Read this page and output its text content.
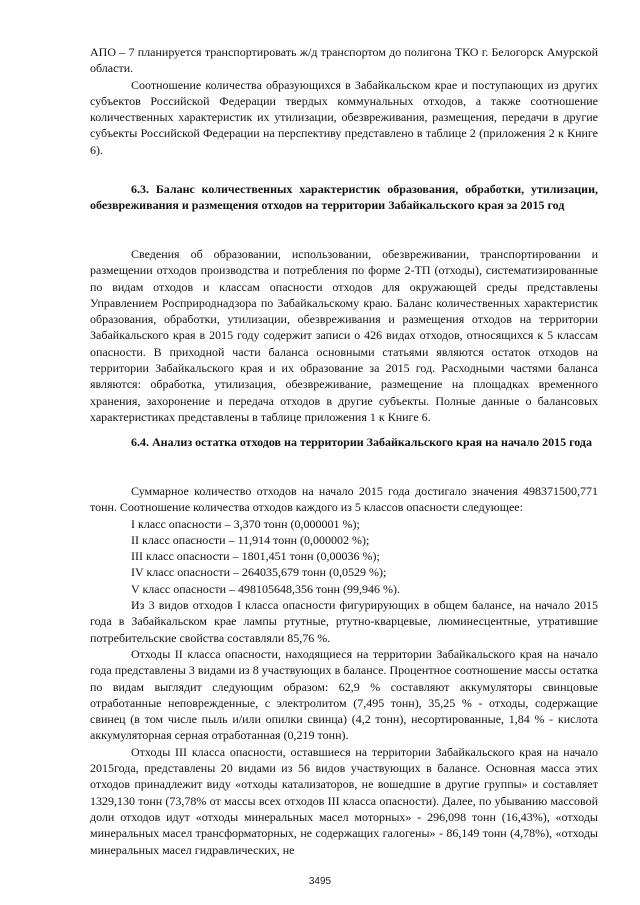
АПО – 7 планируется транспортировать ж/д транспортом до полигона ТКО г. Белогорск Амурской области.

Соотношение количества образующихся в Забайкальском крае и поступающих из других субъектов Российской Федерации твердых коммунальных отходов, а также соотношение количественных характеристик их утилизации, обезвреживания, размещения, передачи в другие субъекты Российской Федерации на перспективу представлено в таблице 2 (приложения 2 к Книге 6).

6.3. Баланс количественных характеристик образования, обработки, утилизации, обезвреживания и размещения отходов на территории Забайкальского края за 2015 год

Сведения об образовании, использовании, обезвреживании, транспортировании и размещении отходов производства и потребления по форме 2-ТП (отходы), систематизированные по видам отходов и классам опасности отходов для окружающей среды представлены Управлением Росприроднадзора по Забайкальскому краю. Баланс количественных характеристик образования, обработки, утилизации, обезвреживания и размещения отходов на территории Забайкальского края в 2015 году содержит записи о 426 видах отходов, относящихся к 5 классам опасности. В приходной части баланса основными статьями являются остаток отходов на территории Забайкальского края и их образование за 2015 год. Расходными частями баланса являются: обработка, утилизация, обезвреживание, размещение на площадках временного хранения, захоронение и передача отходов в другие субъекты. Полные данные о балансовых характеристиках представлены в таблице приложения 1 к Книге 6.

6.4. Анализ остатка отходов на территории Забайкальского края на начало 2015 года

Суммарное количество отходов на начало 2015 года достигало значения 498371500,771 тонн. Соотношение количества отходов каждого из 5 классов опасности следующее:

I класс опасности – 3,370 тонн (0,000001 %);

II класс опасности – 11,914 тонн (0,000002 %);

III класс опасности – 1801,451 тонн (0,00036 %);

IV класс опасности – 264035,679 тонн (0,0529 %);

V класс опасности – 498105648,356 тонн (99,946 %).

Из 3 видов отходов I класса опасности фигурирующих в общем балансе, на начало 2015 года в Забайкальском крае лампы ртутные, ртутно-кварцевые, люминесцентные, утратившие потребительские свойства составляли 85,76 %.

Отходы II класса опасности, находящиеся на территории Забайкальского края на начало года представлены 3 видами из 8 участвующих в балансе. Процентное соотношение массы остатка по видам выглядит следующим образом: 62,9 % составляют аккумуляторы свинцовые отработанные неповрежденные, с электролитом (7,495 тонн), 35,25 % - отходы, содержащие свинец (в том числе пыль и/или опилки свинца) (4,2 тонн), несортированные, 1,84 % - кислота аккумуляторная серная отработанная (0,219 тонн).

Отходы III класса опасности, оставшиеся на территории Забайкальского края на начало 2015года, представлены 20 видами из 56 видов участвующих в балансе. Основная масса этих отходов принадлежит виду «отходы катализаторов, не вошедшие в другие группы» и составляет 1329,130 тонн (73,78% от массы всех отходов III класса опасности). Далее, по убыванию массовой доли отходов идут «отходы минеральных масел моторных» - 296,098 тонн (16,43%), «отходы минеральных масел трансформаторных, не содержащих галогены» - 86,149 тонн (4,78%), «отходы минеральных масел гидравлических, не

3495
